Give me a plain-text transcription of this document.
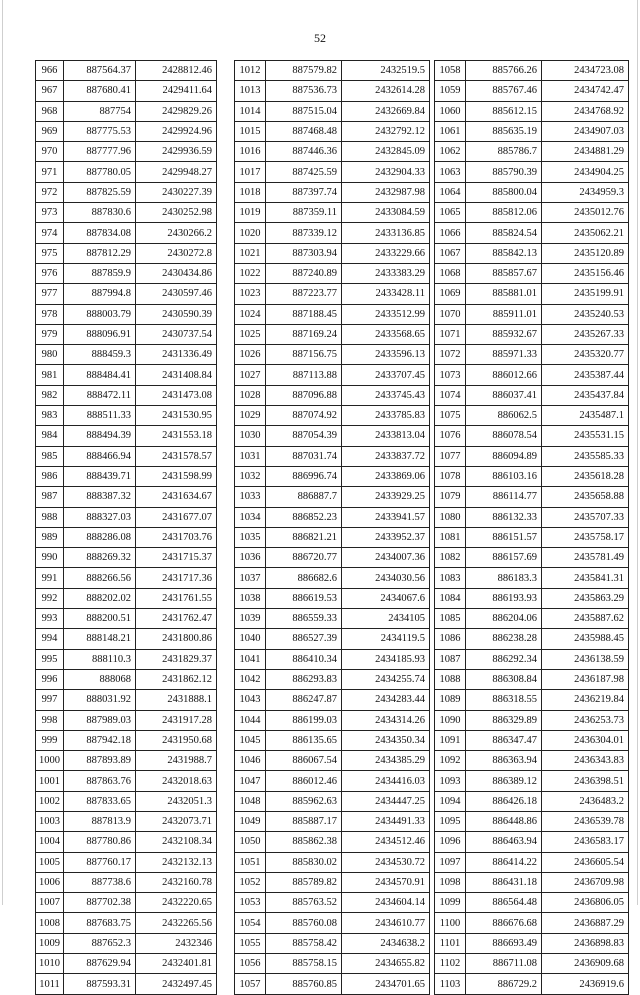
52
966	887564.37	2428812.46
967	887680.41	2429411.64
968	887754	2429829.26
969	887775.53	2429924.96
970	887777.96	2429936.59
971	887780.05	2429948.27
972	887825.59	2430227.39
973	887830.6	2430252.98
974	887834.08	2430266.2
975	887812.29	2430272.8
976	887859.9	2430434.86
977	887994.8	2430597.46
978	888003.79	2430590.39
979	888096.91	2430737.54
980	888459.3	2431336.49
981	888484.41	2431408.84
982	888472.11	2431473.08
983	888511.33	2431530.95
984	888494.39	2431553.18
985	888466.94	2431578.57
986	888439.71	2431598.99
987	888387.32	2431634.67
988	888327.03	2431677.07
989	888286.08	2431703.76
990	888269.32	2431715.37
991	888266.56	2431717.36
992	888202.02	2431761.55
993	888200.51	2431762.47
994	888148.21	2431800.86
995	888110.3	2431829.37
996	888068	2431862.12
997	888031.92	2431888.1
998	887989.03	2431917.28
999	887942.18	2431950.68
1000	887893.89	2431988.7
1001	887863.76	2432018.63
1002	887833.65	2432051.3
1003	887813.9	2432073.71
1004	887780.86	2432108.34
1005	887760.17	2432132.13
1006	887738.6	2432160.78
1007	887702.38	2432220.65
1008	887683.75	2432265.56
1009	887652.3	2432346
1010	887629.94	2432401.81
1011	887593.31	2432497.45
1012	887579.82	2432519.5
1013	887536.73	2432614.28
1014	887515.04	2432669.84
1015	887468.48	2432792.12
1016	887446.36	2432845.09
1017	887425.59	2432904.33
1018	887397.74	2432987.98
1019	887359.11	2433084.59
1020	887339.12	2433136.85
1021	887303.94	2433229.66
1022	887240.89	2433383.29
1023	887223.77	2433428.11
1024	887188.45	2433512.99
1025	887169.24	2433568.65
1026	887156.75	2433596.13
1027	887113.88	2433707.45
1028	887096.88	2433745.43
1029	887074.92	2433785.83
1030	887054.39	2433813.04
1031	887031.74	2433837.72
1032	886996.74	2433869.06
1033	886887.7	2433929.25
1034	886852.23	2433941.57
1035	886821.21	2433952.37
1036	886720.77	2434007.36
1037	886682.6	2434030.56
1038	886619.53	2434067.6
1039	886559.33	2434105
1040	886527.39	2434119.5
1041	886410.34	2434185.93
1042	886293.83	2434255.74
1043	886247.87	2434283.44
1044	886199.03	2434314.26
1045	886135.65	2434350.34
1046	886067.54	2434385.29
1047	886012.46	2434416.03
1048	885962.63	2434447.25
1049	885887.17	2434491.33
1050	885862.38	2434512.46
1051	885830.02	2434530.72
1052	885789.82	2434570.91
1053	885763.52	2434604.14
1054	885760.08	2434610.77
1055	885758.42	2434638.2
1056	885758.15	2434655.82
1057	885760.85	2434701.65
1058	885766.26	2434723.08
1059	885767.46	2434742.47
1060	885612.15	2434768.92
1061	885635.19	2434907.03
1062	885786.7	2434881.29
1063	885790.39	2434904.25
1064	885800.04	2434959.3
1065	885812.06	2435012.76
1066	885824.54	2435062.21
1067	885842.13	2435120.89
1068	885857.67	2435156.46
1069	885881.01	2435199.91
1070	885911.01	2435240.53
1071	885932.67	2435267.33
1072	885971.33	2435320.77
1073	886012.66	2435387.44
1074	886037.41	2435437.84
1075	886062.5	2435487.1
1076	886078.54	2435531.15
1077	886094.89	2435585.33
1078	886103.16	2435618.28
1079	886114.77	2435658.88
1080	886132.33	2435707.33
1081	886151.57	2435758.17
1082	886157.69	2435781.49
1083	886183.3	2435841.31
1084	886193.93	2435863.29
1085	886204.06	2435887.62
1086	886238.28	2435988.45
1087	886292.34	2436138.59
1088	886308.84	2436187.98
1089	886318.55	2436219.84
1090	886329.89	2436253.73
1091	886347.47	2436304.01
1092	886363.94	2436343.83
1093	886389.12	2436398.51
1094	886426.18	2436483.2
1095	886448.86	2436539.78
1096	886463.94	2436583.17
1097	886414.22	2436605.54
1098	886431.18	2436709.98
1099	886564.48	2436806.05
1100	886676.68	2436887.29
1101	886693.49	2436898.83
1102	886711.08	2436909.68
1103	886729.2	2436919.6
